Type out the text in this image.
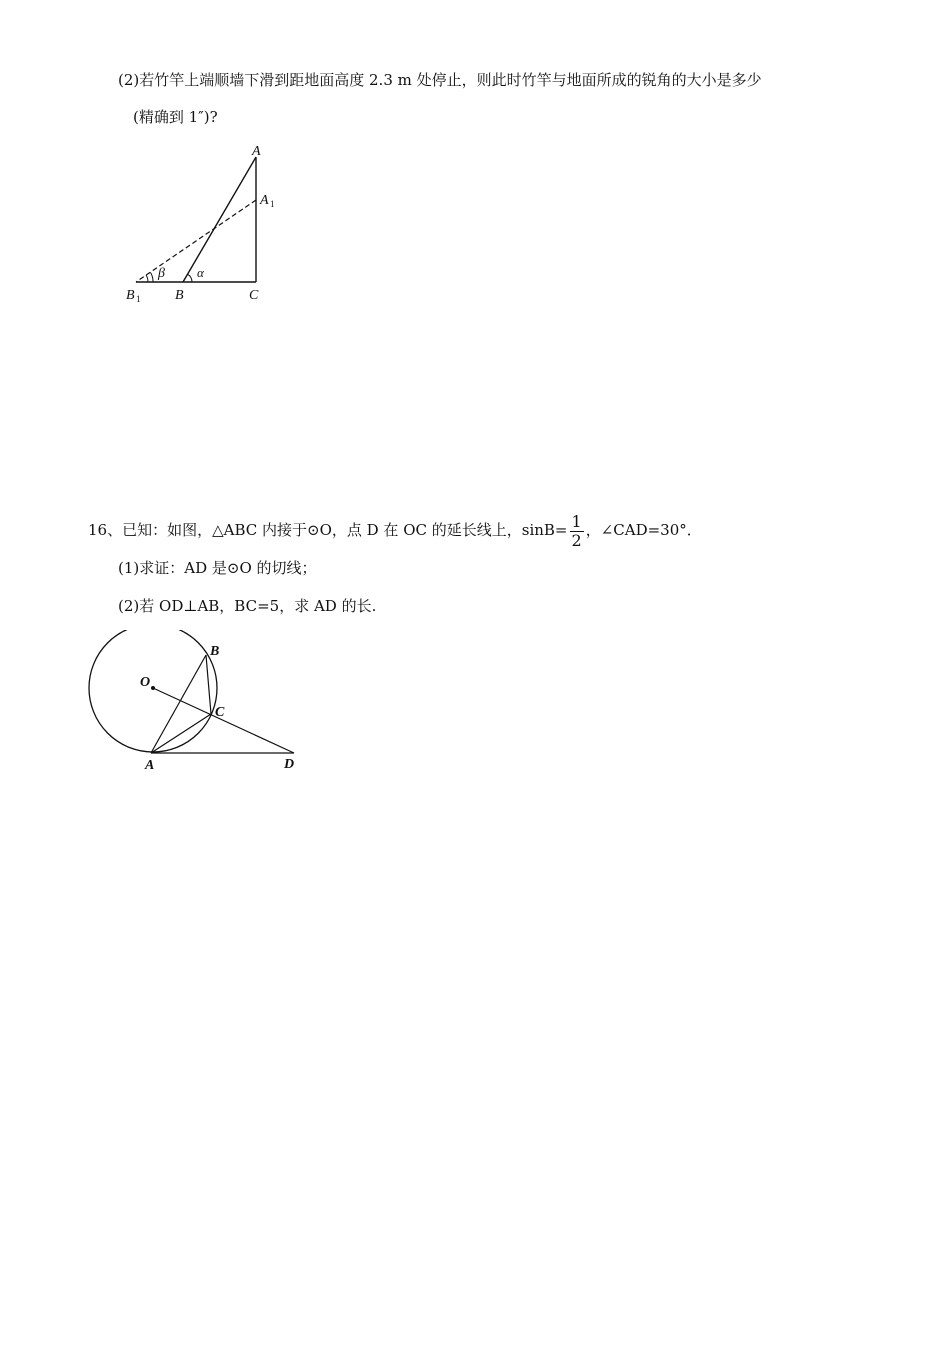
(2)若竹竿上端顺墙下滑到距地面高度 2.3 m 处停止，则此时竹竿与地面所成的锐角的大小是多少
(精确到 1″)?
A
A 1
α
β
B 1 B	C
16、已知：如图，△ABC 内接于⊙O，点 D 在 OC 的延长线上，$\sin B= \frac{1}{2}$ ，∠CAD=30°．
(1)求证：AD 是⊙O 的切线；
(2)若 OD⊥AB，BC=5，求 AD 的长.
O
B
C
A	D
